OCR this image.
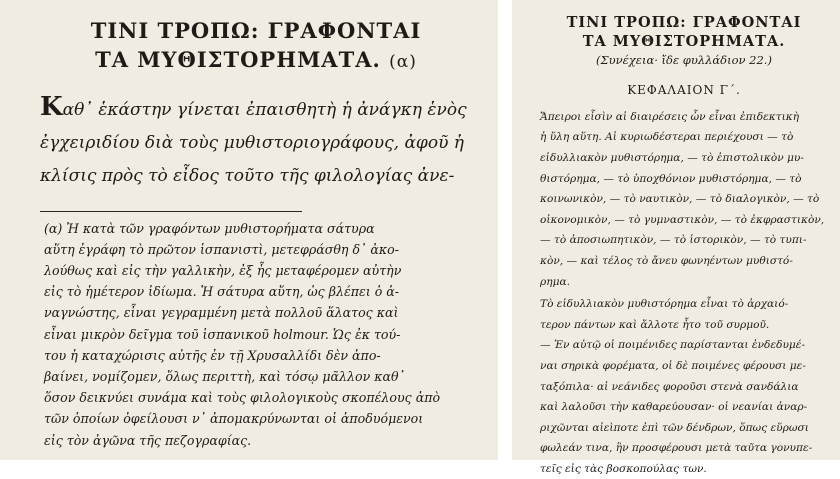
ΤΙΝΙ ΤΡΟΠΩ: ΓΡΑΦΟΝΤΑΙ
ΤΑ ΜΥΘΙΣΤΟΡΗΜΑΤΑ. (α)
Καθ᾽ ἑκάστην γίνεται ἐπαισθητὴ ἡ ἀνάγκη ἑνὸς
ἐγχειριδίου διὰ τοὺς μυθιστοριογράφους, ἀφοῦ ἡ
κλίσις πρὸς τὸ εἶδος τοῦτο τῆς φιλολογίας ἀνε-
(α) Ἡ κατὰ τῶν γραφόντων μυθιστορήματα σάτυρα
αὕτη ἐγράφη τὸ πρῶτον ἱσπανιστὶ, μετεφράσθη δ᾽ ἀκο-
λούθως καὶ εἰς τὴν γαλλικὴν, ἐξ ἧς μεταφέρομεν αὐτὴν
εἰς τὸ ἡμέτερον ἰδίωμα. Ἡ σάτυρα αὕτη, ὡς βλέπει ὁ ἀ-
ναγνώστης, εἶναι γεγραμμένη μετὰ πολλοῦ ἅλατος καὶ
εἶναι μικρὸν δεῖγμα τοῦ ἱσπανικοῦ holmour. Ὡς ἐκ τού-
του ἡ καταχώρισις αὐτῆς ἐν τῇ Χρυσαλλίδι δὲν ἀπο-
βαίνει, νομίζομεν, ὅλως περιττὴ, καὶ τόσῳ μᾶλλον καθ᾽
ὅσον δεικνύει συνάμα καὶ τοὺς φιλολογικοὺς σκοπέλους ἀπὸ
τῶν ὁποίων ὀφείλουσι ν᾽ ἀπομακρύνωνται οἱ ἀποδυόμενοι
εἰς τὸν ἀγῶνα τῆς πεζογραφίας.
ΤΙΝΙ ΤΡΟΠΩ: ΓΡΑΦΟΝΤΑΙ
ΤΑ ΜΥΘΙΣΤΟΡΗΜΑΤΑ.
(Συνέχεια· ἴδε φυλλάδιον 22.)
ΚΕΦΑΛΑΙΟΝ Γ΄.
Ἄπειροι εἶσὶν αἱ διαιρέσεις ὧν εἶναι ἐπιδεκτικὴ
ἡ ὕλη αὕτη. Αἱ κυριωδέστεραι περιέχουσι — τὸ
εἰδυλλιακὸν μυθιστόρημα, — τὸ ἐπιστολικὸν μυ-
θιστόρημα, — τὸ ὑποχθόνιον μυθιστόρημα, — τὸ
κοινωνικὸν, — τὸ ναυτικὸν, — τὸ διαλογικὸν, — τὸ
οἰκονομικὸν, — τὸ γυμναστικὸν, — τὸ ἐκφραστικὸν,
— τὸ ἀποσιωπητικὸν, — τὸ ἱστορικὸν, — τὸ τυπι-
κὸν, — καὶ τέλος τὸ ἄνευ φωνηέντων μυθιστό-
ρημα.
Τὸ εἰδυλλιακὸν μυθιστόρημα εἶναι τὸ ἀρχαιό-
τερον πάντων καὶ ἄλλοτε ἦτο τοῦ συρμοῦ.
— Ἐν αὐτῷ οἱ ποιμένιδες παρίστανται ἐνδεδυμέ-
ναι σηρικὰ φορέματα, οἱ δὲ ποιμένες φέρουσι με-
ταξόπιλα· αἱ νεάνιδες φοροῦσι στενὰ σανδάλια
καὶ λαλοῦσι τὴν καθαρεύουσαν· οἱ νεανίαι ἀναρ-
ριχῶνται αἰεὶποτε ἐπὶ τῶν δένδρων, ὅπως εὕρωσι
φωλεάν τινα, ἣν προσφέρουσι μετὰ ταῦτα γονυπε-
τεῖς εἰς τὰς βοσκοπούλας των.
